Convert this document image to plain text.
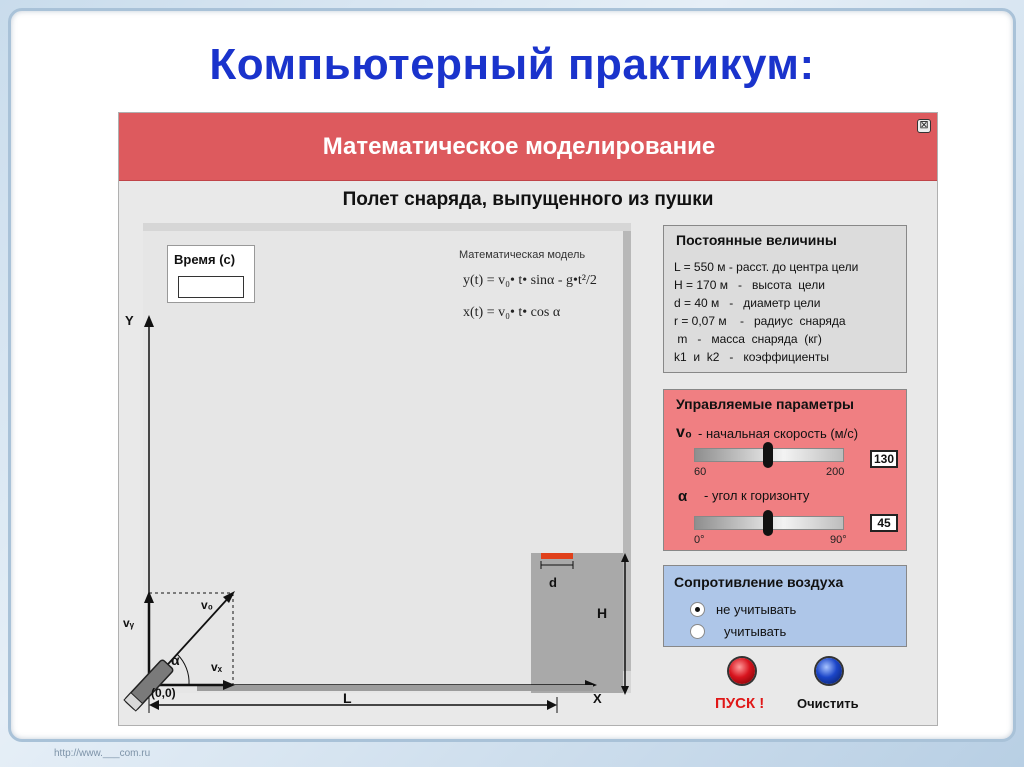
Компьютерный практикум:
Математическое моделирование
⊠
Полет снаряда, выпущенного из пушки
Y
X
(0,0)	L
H
d
α
v₀
vₓ
vᵧ
Время (с)	Математическая модель
y(t) = v₀• t• sinα - g•t²/2
x(t) = v₀• t• cos α
Постоянные величины
L = 550 м - расст. до центра цели
H = 170 м   -   высота  цели
d = 40 м   -   диаметр цели
r = 0,07 м    -   радиус  снаряда
m   -   масса  снаряда  (кг)
k1  и  k2   -   коэффициенты
Управляемые параметры
v₀ - начальная скорость (м/с)
60	200
130
α - угол к горизонту
0°	90°
45
Сопротивление воздуха
не учитывать
учитывать
ПУСК !	Очистить
http://www.___com.ru
